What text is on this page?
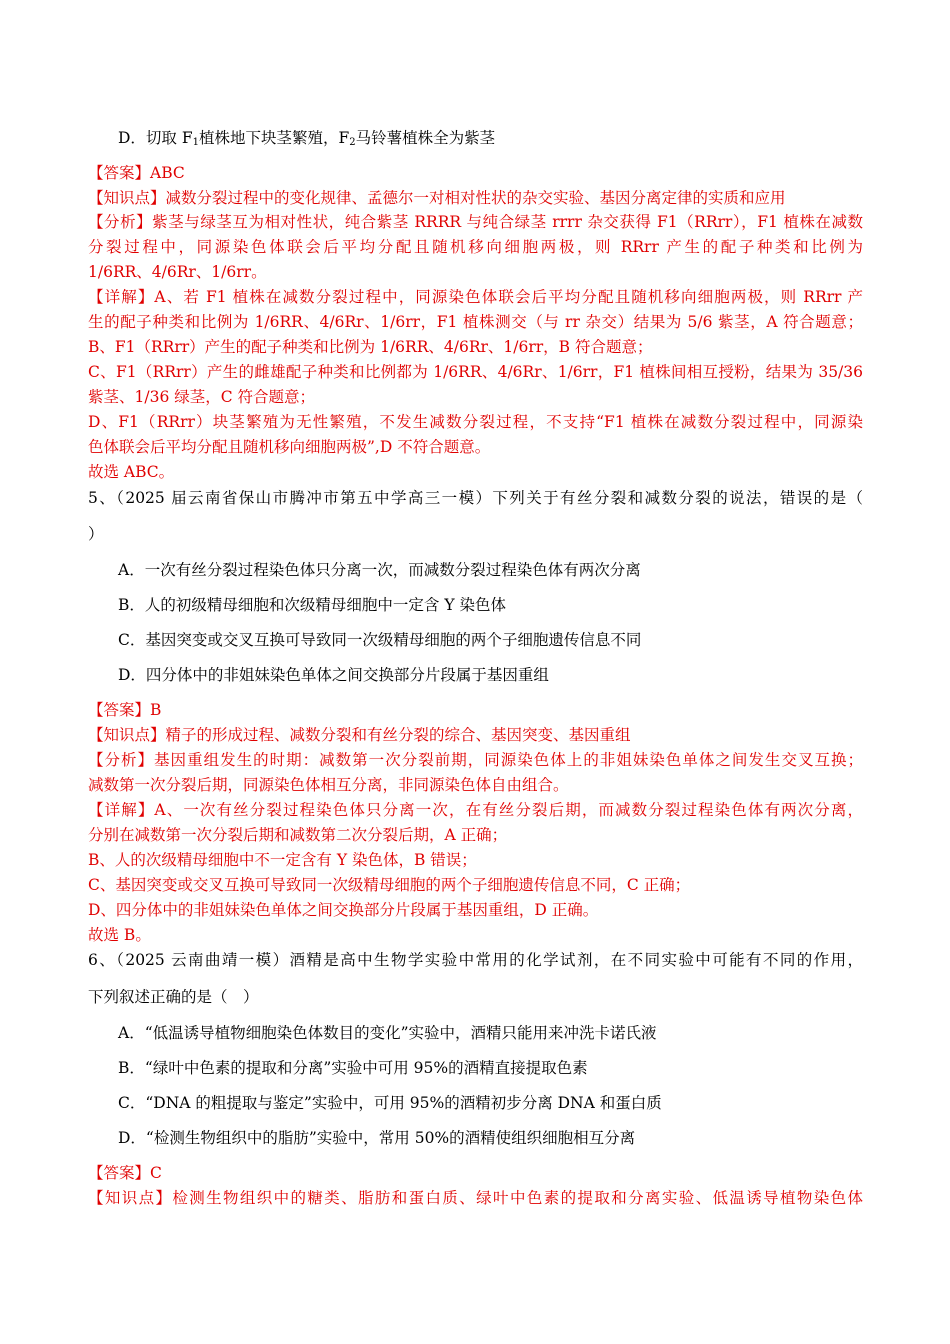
D．切取 $F_1$植株地下块茎繁殖，$F_2$马铃薯植株全为紫茎
【答案】ABC
【知识点】减数分裂过程中的变化规律、孟德尔一对相对性状的杂交实验、基因分离定律的实质和应用
【分析】紫茎与绿茎互为相对性状，纯合紫茎 RRRR 与纯合绿茎 rrrr 杂交获得 F1（RRrr），F1 植株在减数
分裂过程中，同源染色体联会后平均分配且随机移向细胞两极，则 RRrr 产生的配子种类和比例为
1/6RR、4/6Rr、1/6rr。
【详解】A、若 F1 植株在减数分裂过程中，同源染色体联会后平均分配且随机移向细胞两极，则 RRrr 产
生的配子种类和比例为 1/6RR、4/6Rr、1/6rr，F1 植株测交（与 rr 杂交）结果为 5/6 紫茎，A 符合题意；
B、F1（RRrr）产生的配子种类和比例为 1/6RR、4/6Rr、1/6rr，B 符合题意；
C、F1（RRrr）产生的雌雄配子种类和比例都为 1/6RR、4/6Rr、1/6rr，F1 植株间相互授粉，结果为 35/36
紫茎、1/36 绿茎，C 符合题意；
D、F1（RRrr）块茎繁殖为无性繁殖，不发生减数分裂过程，不支持“F1 植株在减数分裂过程中，同源染
色体联会后平均分配且随机移向细胞两极”,D 不符合题意。
故选 ABC。
5、（2025 届云南省保山市腾冲市第五中学高三一模）下列关于有丝分裂和减数分裂的说法，错误的是（
）
A．一次有丝分裂过程染色体只分离一次，而减数分裂过程染色体有两次分离
B．人的初级精母细胞和次级精母细胞中一定含 Y 染色体
C．基因突变或交叉互换可导致同一次级精母细胞的两个子细胞遗传信息不同
D．四分体中的非姐妹染色单体之间交换部分片段属于基因重组
【答案】B
【知识点】精子的形成过程、减数分裂和有丝分裂的综合、基因突变、基因重组
【分析】基因重组发生的时期：减数第一次分裂前期，同源染色体上的非姐妹染色单体之间发生交叉互换；
减数第一次分裂后期，同源染色体相互分离，非同源染色体自由组合。
【详解】A、一次有丝分裂过程染色体只分离一次，在有丝分裂后期，而减数分裂过程染色体有两次分离，
分别在减数第一次分裂后期和减数第二次分裂后期，A 正确；
B、人的次级精母细胞中不一定含有 Y 染色体，B 错误；
C、基因突变或交叉互换可导致同一次级精母细胞的两个子细胞遗传信息不同，C 正确；
D、四分体中的非姐妹染色单体之间交换部分片段属于基因重组，D 正确。
故选 B。
6、（2025 云南曲靖一模）酒精是高中生物学实验中常用的化学试剂，在不同实验中可能有不同的作用，
下列叙述正确的是（　）
A．“低温诱导植物细胞染色体数目的变化”实验中，酒精只能用来冲洗卡诺氏液
B．“绿叶中色素的提取和分离”实验中可用 95%的酒精直接提取色素
C．“DNA 的粗提取与鉴定”实验中，可用 95%的酒精初步分离 DNA 和蛋白质
D．“检测生物组织中的脂肪”实验中，常用 50%的酒精使组织细胞相互分离
【答案】C
【知识点】检测生物组织中的糖类、脂肪和蛋白质、绿叶中色素的提取和分离实验、低温诱导植物染色体
